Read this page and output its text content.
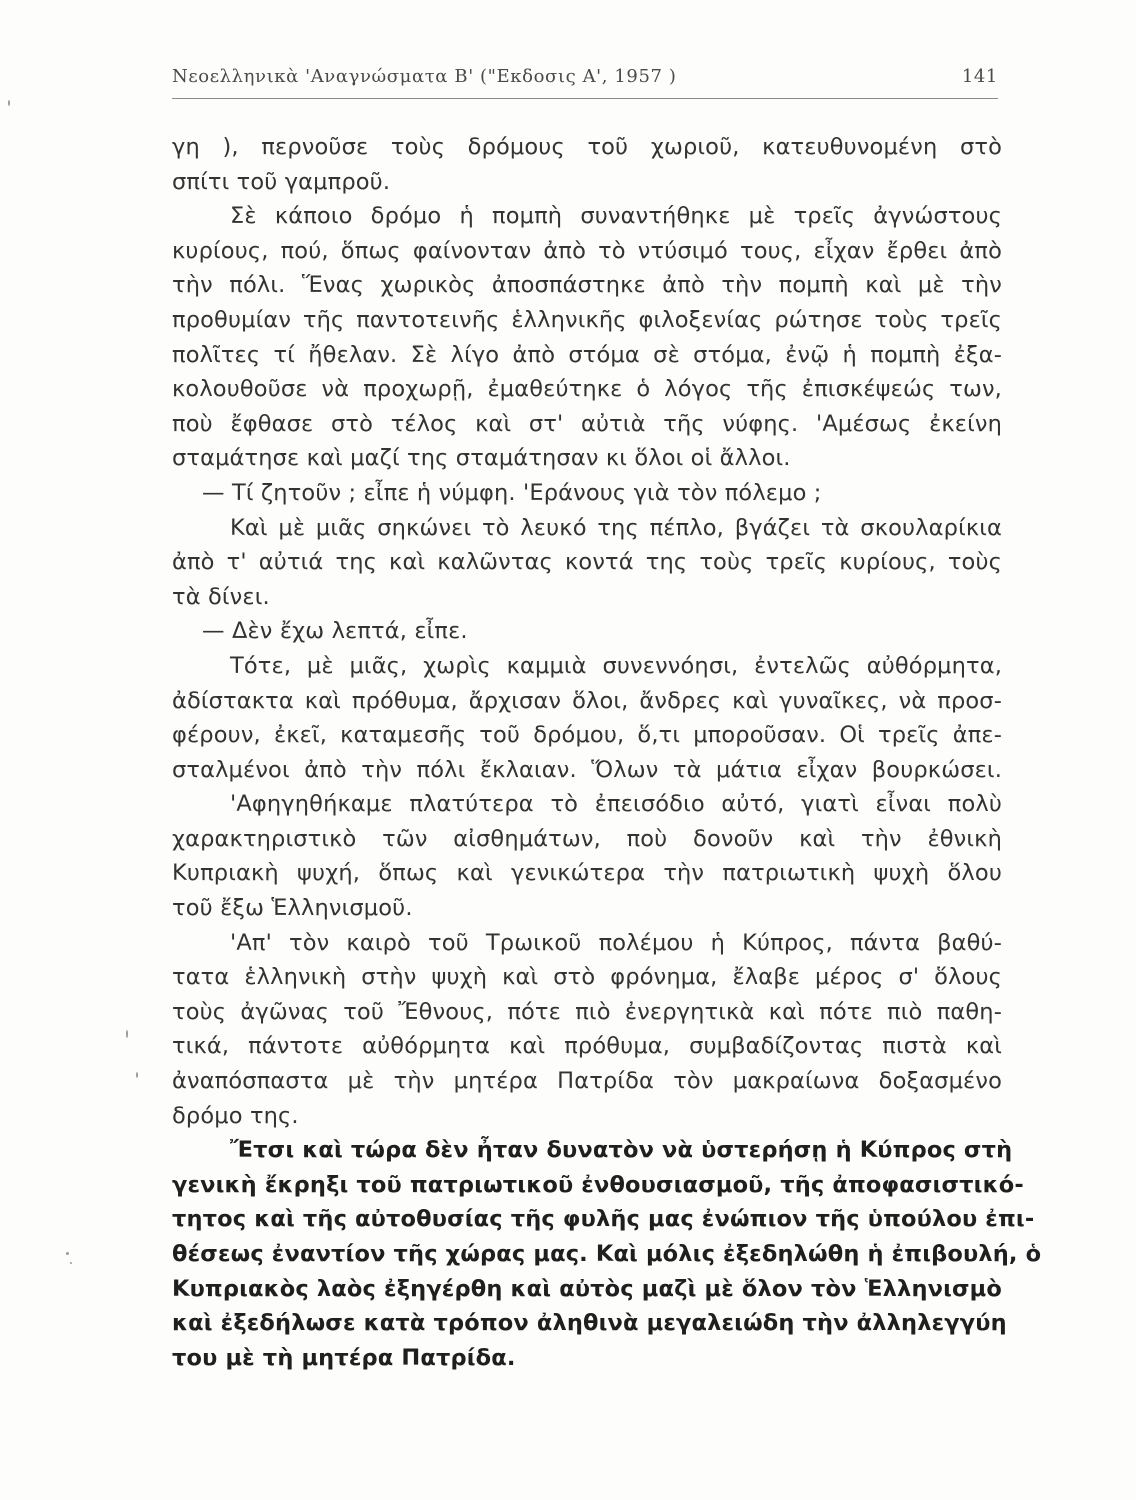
Νεοελληνικὰ 'Αναγνώσματα Β' ("Εκδοσις Α', 1957 )	141
γη ), περνοῦσε τοὺς δρόμους τοῦ χωριοῦ, κατευθυνομένη στὸ
σπίτι τοῦ γαμπροῦ.
Σὲ κάποιο δρόμο ἡ πομπὴ συναντήθηκε μὲ τρεῖς ἀγνώστους
κυρίους, πού, ὅπως φαίνονταν ἀπὸ τὸ ντύσιμό τους, εἶχαν ἔρθει ἀπὸ
τὴν πόλι. Ἕνας χωρικὸς ἀποσπάστηκε ἀπὸ τὴν πομπὴ καὶ μὲ τὴν
προθυμίαν τῆς παντοτεινῆς ἑλληνικῆς φιλοξενίας ρώτησε τοὺς τρεῖς
πολῖτες τί ἤθελαν. Σὲ λίγο ἀπὸ στόμα σὲ στόμα, ἐνῷ ἡ πομπὴ ἐξα-
κολουθοῦσε νὰ προχωρῇ, ἐμαθεύτηκε ὁ λόγος τῆς ἐπισκέψεώς των,
ποὺ ἔφθασε στὸ τέλος καὶ στ' αὐτιὰ τῆς νύφης. 'Αμέσως ἐκείνη
σταμάτησε καὶ μαζί της σταμάτησαν κι ὅλοι οἱ ἄλλοι.
— Τί ζητοῦν ; εἶπε ἡ νύμφη. 'Εράνους γιὰ τὸν πόλεμο ;
Καὶ μὲ μιᾶς σηκώνει τὸ λευκό της πέπλο, βγάζει τὰ σκουλαρίκια
ἀπὸ τ' αὐτιά της καὶ καλῶντας κοντά της τοὺς τρεῖς κυρίους, τοὺς
τὰ δίνει.
— Δὲν ἔχω λεπτά, εἶπε.
Τότε, μὲ μιᾶς, χωρὶς καμμιὰ συνεννόησι, ἐντελῶς αὐθόρμητα,
ἀδίστακτα καὶ πρόθυμα, ἄρχισαν ὅλοι, ἄνδρες καὶ γυναῖκες, νὰ προσ-
φέρουν, ἐκεῖ, καταμεσῆς τοῦ δρόμου, ὅ,τι μποροῦσαν. Οἱ τρεῖς ἀπε-
σταλμένοι ἀπὸ τὴν πόλι ἔκλαιαν. Ὅλων τὰ μάτια εἶχαν βουρκώσει.
'Αφηγηθήκαμε πλατύτερα τὸ ἐπεισόδιο αὐτό, γιατὶ εἶναι πολὺ
χαρακτηριστικὸ τῶν αἰσθημάτων, ποὺ δονοῦν καὶ τὴν ἐθνικὴ
Κυπριακὴ ψυχή, ὅπως καὶ γενικώτερα τὴν πατριωτικὴ ψυχὴ ὅλου
τοῦ ἔξω Ἑλληνισμοῦ.
'Απ' τὸν καιρὸ τοῦ Τρωικοῦ πολέμου ἡ Κύπρος, πάντα βαθύ-
τατα ἑλληνικὴ στὴν ψυχὴ καὶ στὸ φρόνημα, ἔλαβε μέρος σ' ὅλους
τοὺς ἀγῶνας τοῦ Ἔθνους, πότε πιὸ ἐνεργητικὰ καὶ πότε πιὸ παθη-
τικά, πάντοτε αὐθόρμητα καὶ πρόθυμα, συμβαδίζοντας πιστὰ καὶ
ἀναπόσπαστα μὲ τὴν μητέρα Πατρίδα τὸν μακραίωνα δοξασμένο
δρόμο της.
Ἔτσι καὶ τώρα δὲν ἦταν δυνατὸν νὰ ὑστερήσῃ ἡ Κύπρος στὴ
γενικὴ ἔκρηξι τοῦ πατριωτικοῦ ἐνθουσιασμοῦ, τῆς ἀποφασιστικό-
τητος καὶ τῆς αὐτοθυσίας τῆς φυλῆς μας ἐνώπιον τῆς ὑπούλου ἐπι-
θέσεως ἐναντίον τῆς χώρας μας. Καὶ μόλις ἐξεδηλώθη ἡ ἐπιβουλή, ὁ
Κυπριακὸς λαὸς ἐξηγέρθη καὶ αὐτὸς μαζὶ μὲ ὅλον τὸν Ἑλληνισμὸ
καὶ ἐξεδήλωσε κατὰ τρόπον ἀληθινὰ μεγαλειώδη τὴν ἀλληλεγγύη
του μὲ τὴ μητέρα Πατρίδα.
